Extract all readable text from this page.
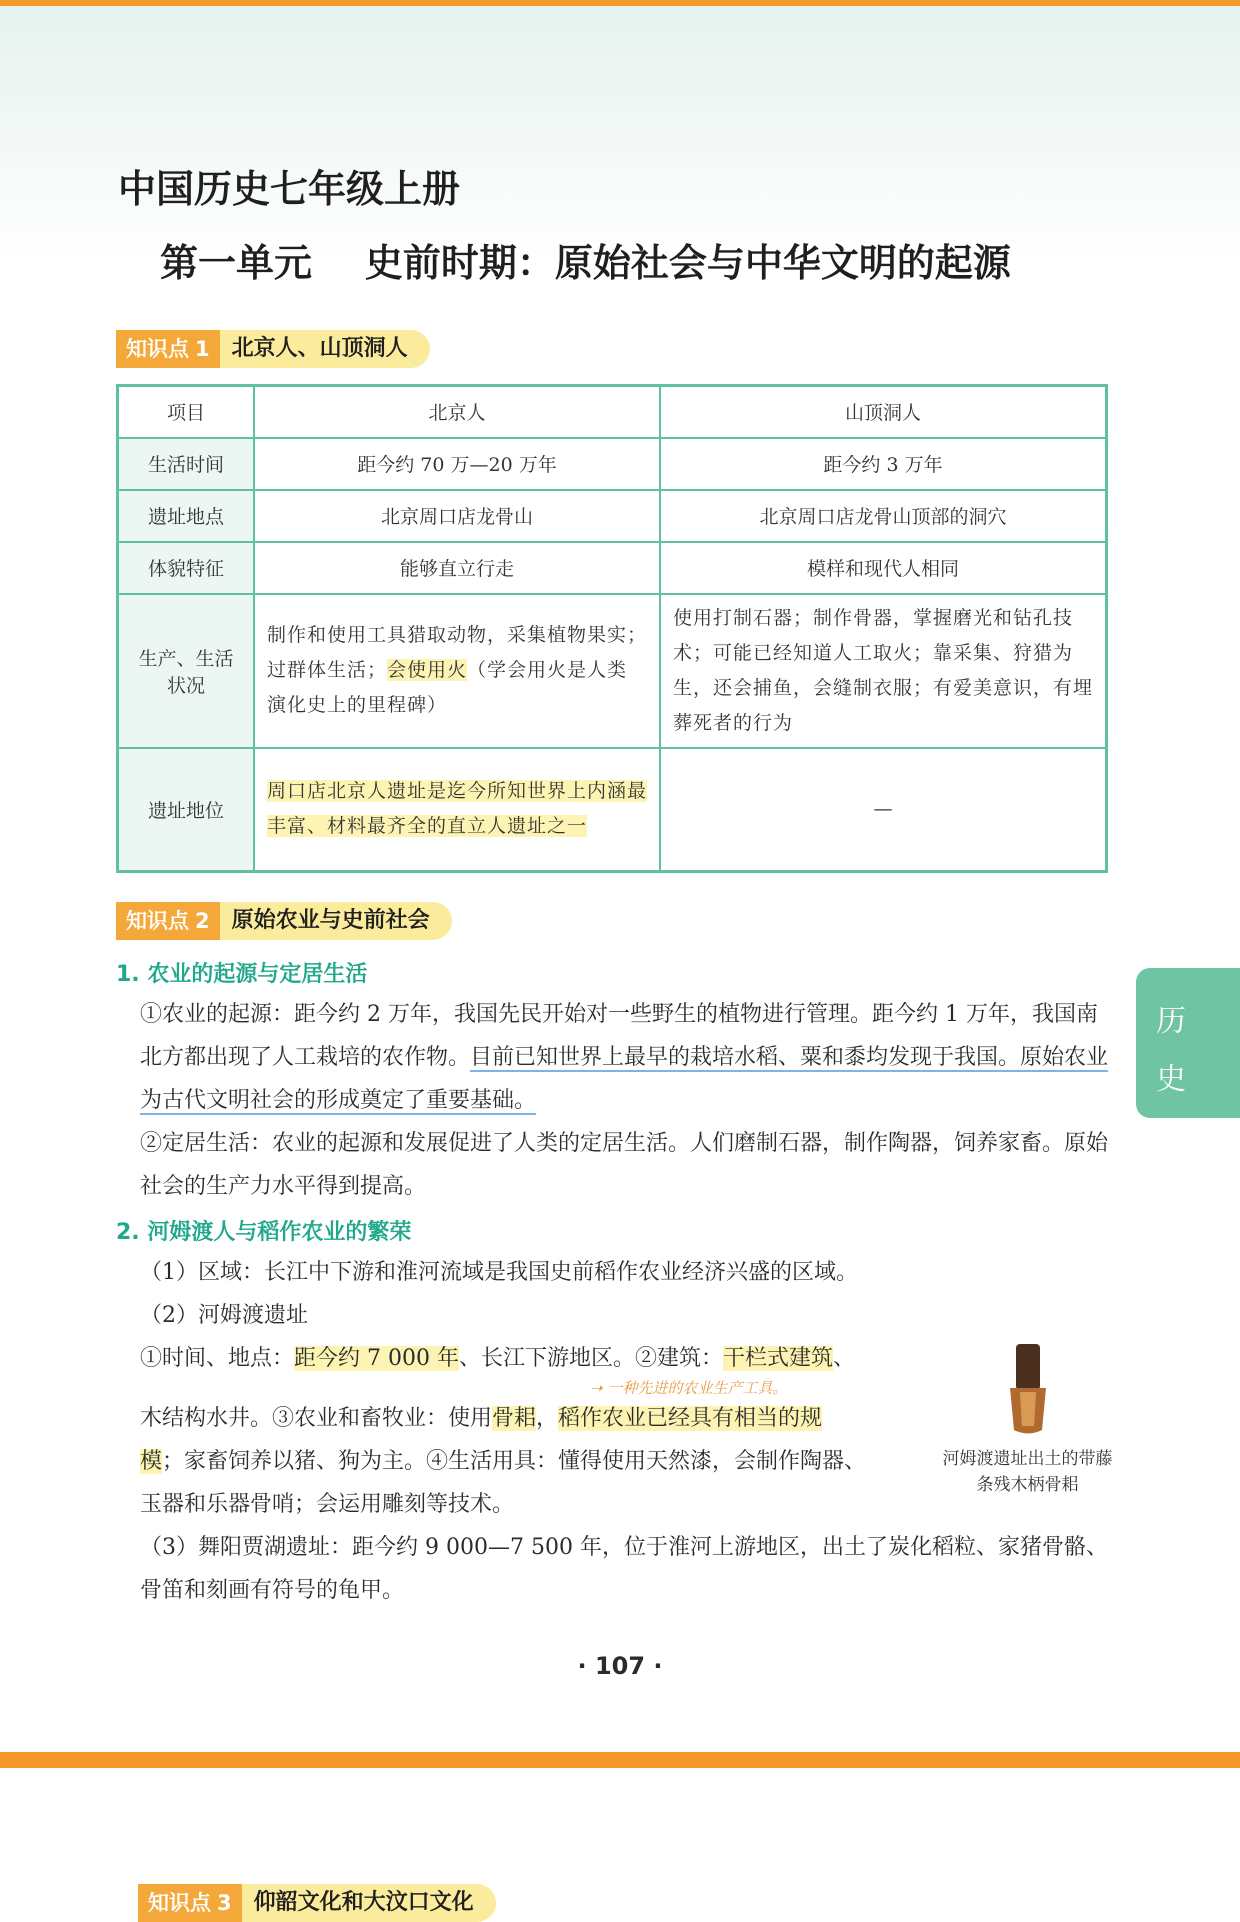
中国历史七年级上册
第一单元    史前时期：原始社会与中华文明的起源
知识点 1	北京人、山顶洞人
项目	北京人	山顶洞人
生活时间	距今约 70 万—20 万年	距今约 3 万年
遗址地点	北京周口店龙骨山	北京周口店龙骨山顶部的洞穴
体貌特征	能够直立行走	模样和现代人相同
生产、生活状况	制作和使用工具猎取动物，采集植物果实；过群体生活；会使用火（学会用火是人类演化史上的里程碑）	使用打制石器；制作骨器，掌握磨光和钻孔技术；可能已经知道人工取火；靠采集、狩猎为生，还会捕鱼，会缝制衣服；有爱美意识，有埋葬死者的行为
遗址地位	周口店北京人遗址是迄今所知世界上内涵最丰富、材料最齐全的直立人遗址之一	—
知识点 2	原始农业与史前社会
1. 农业的起源与定居生活

①农业的起源：距今约 2 万年，我国先民开始对一些野生的植物进行管理。距今约 1 万年，我国南北方都出现了人工栽培的农作物。目前已知世界上最早的栽培水稻、粟和黍均发现于我国。原始农业为古代文明社会的形成奠定了重要基础。

②定居生活：农业的起源和发展促进了人类的定居生活。人们磨制石器，制作陶器，饲养家畜。原始社会的生产力水平得到提高。

2. 河姆渡人与稻作农业的繁荣

（1）区域：长江中下游和淮河流域是我国史前稻作农业经济兴盛的区域。

（2）河姆渡遗址

①时间、地点：距今约 7 000 年、长江下游地区。②建筑：干栏式建筑、

➝ 一种先进的农业生产工具。

木结构水井。③农业和畜牧业：使用骨耜，稻作农业已经具有相当的规

模；家畜饲养以猪、狗为主。④生活用具：懂得使用天然漆，会制作陶器、

玉器和乐器骨哨；会运用雕刻等技术。

（3）舞阳贾湖遗址：距今约 9 000—7 500 年，位于淮河上游地区，出土了炭化稻粒、家猪骨骼、骨笛和刻画有符号的龟甲。

河姆渡遗址出土的带藤条残木柄骨耜
历
史
· 107 ·
知识点 3	仰韶文化和大汶口文化
